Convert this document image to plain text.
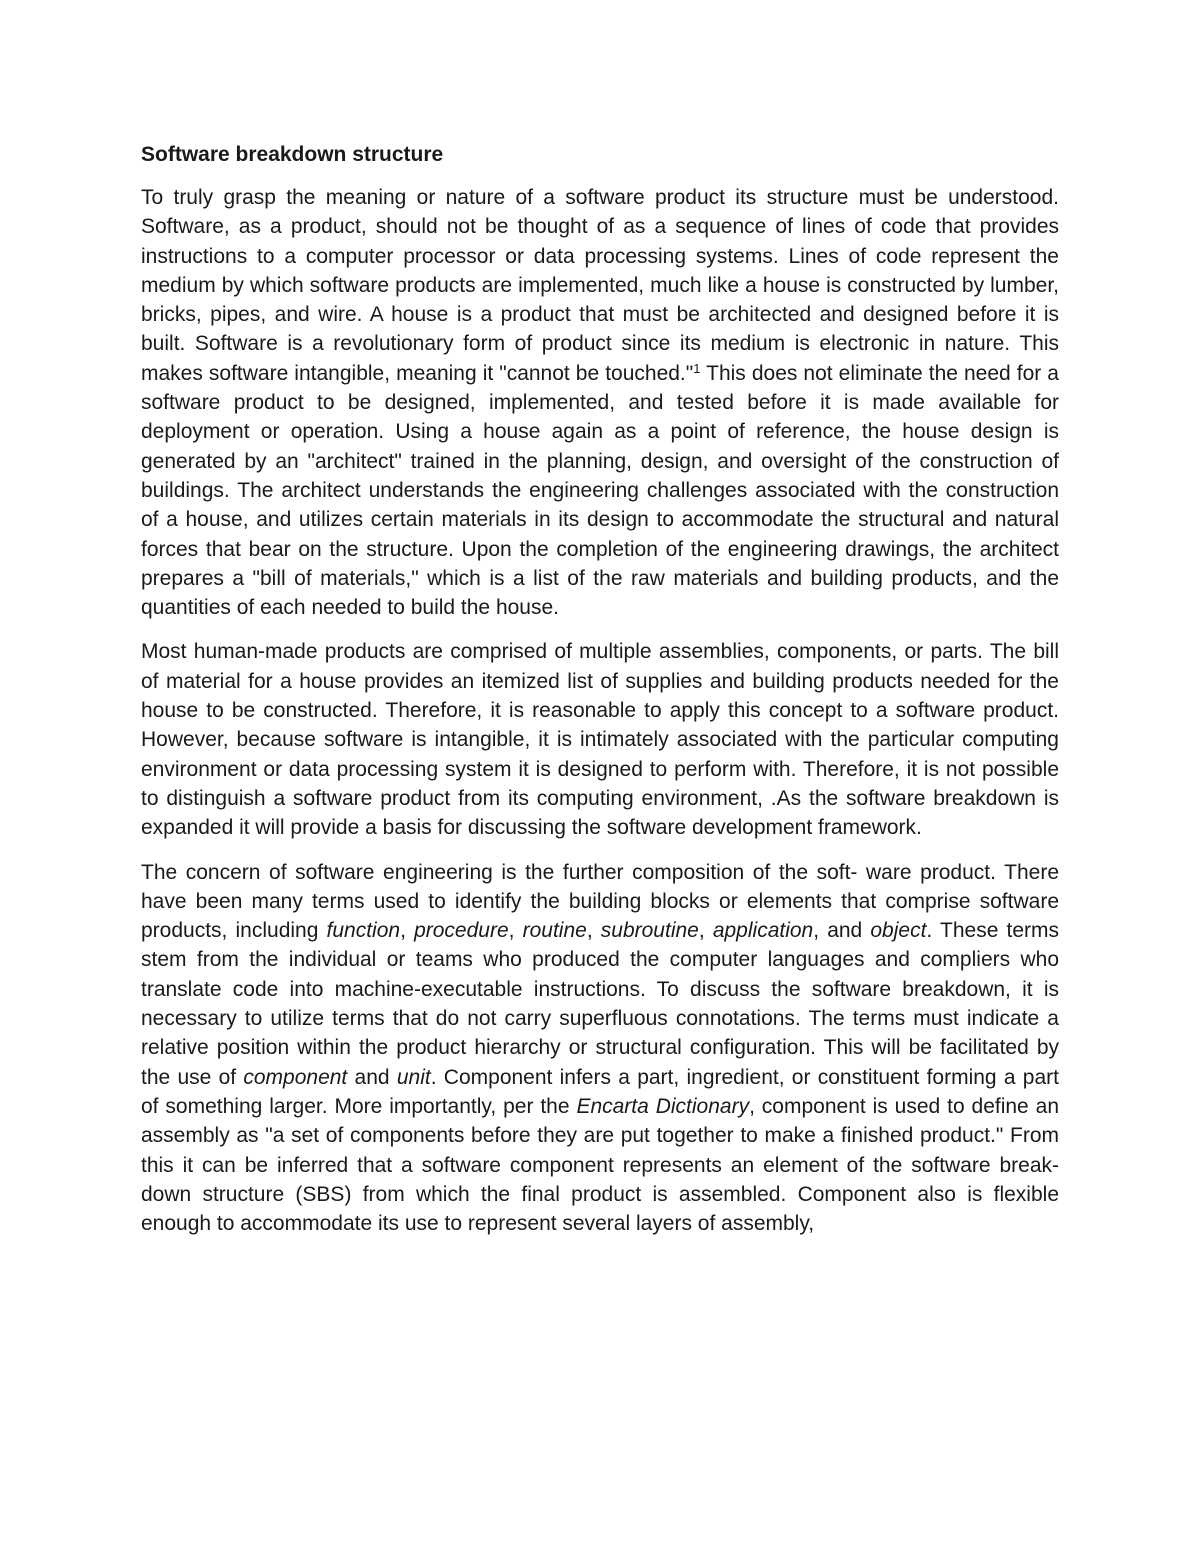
Software breakdown structure

To truly grasp the meaning or nature of a software product its structure must be understood. Software, as a product, should not be thought of as a sequence of lines of code that provides instructions to a computer processor or data processing systems. Lines of code represent the medium by which software products are implemented, much like a house is constructed by lumber, bricks, pipes, and wire. A house is a product that must be architected and designed before it is built. Software is a revolutionary form of product since its medium is electronic in nature. This makes software intangible, meaning it "cannot be touched."$^1$ This does not eliminate the need for a software product to be designed, implemented, and tested before it is made available for deployment or operation. Using a house again as a point of reference, the house design is generated by an "architect" trained in the planning, design, and oversight of the construction of buildings. The architect understands the engineering challenges associated with the construction of a house, and utilizes certain materials in its design to accommodate the structural and natural forces that bear on the structure. Upon the completion of the engineering drawings, the architect prepares a "bill of materials," which is a list of the raw materials and building products, and the quantities of each needed to build the house.

Most human-made products are comprised of multiple assemblies, components, or parts. The bill of material for a house provides an itemized list of supplies and building products needed for the house to be constructed. Therefore, it is reasonable to apply this concept to a software product. However, because software is intangible, it is intimately associated with the particular computing environment or data processing system it is designed to perform with. Therefore, it is not possible to distinguish a software product from its computing environment, .As the software breakdown is expanded it will provide a basis for discussing the software development framework.

The concern of software engineering is the further composition of the soft- ware product. There have been many terms used to identify the building blocks or elements that comprise software products, including function, procedure, routine, subroutine, application, and object. These terms stem from the individual or teams who produced the computer languages and compliers who translate code into machine-executable instructions. To discuss the software breakdown, it is necessary to utilize terms that do not carry superfluous connotations. The terms must indicate a relative position within the product hierarchy or structural configuration. This will be facilitated by the use of component and unit. Component infers a part, ingredient, or constituent forming a part of something larger. More importantly, per the Encarta Dictionary, component is used to define an assembly as "a set of components before they are put together to make a finished product." From this it can be inferred that a software component represents an element of the software break- down structure (SBS) from which the final product is assembled. Component also is flexible enough to accommodate its use to represent several layers of assembly,
